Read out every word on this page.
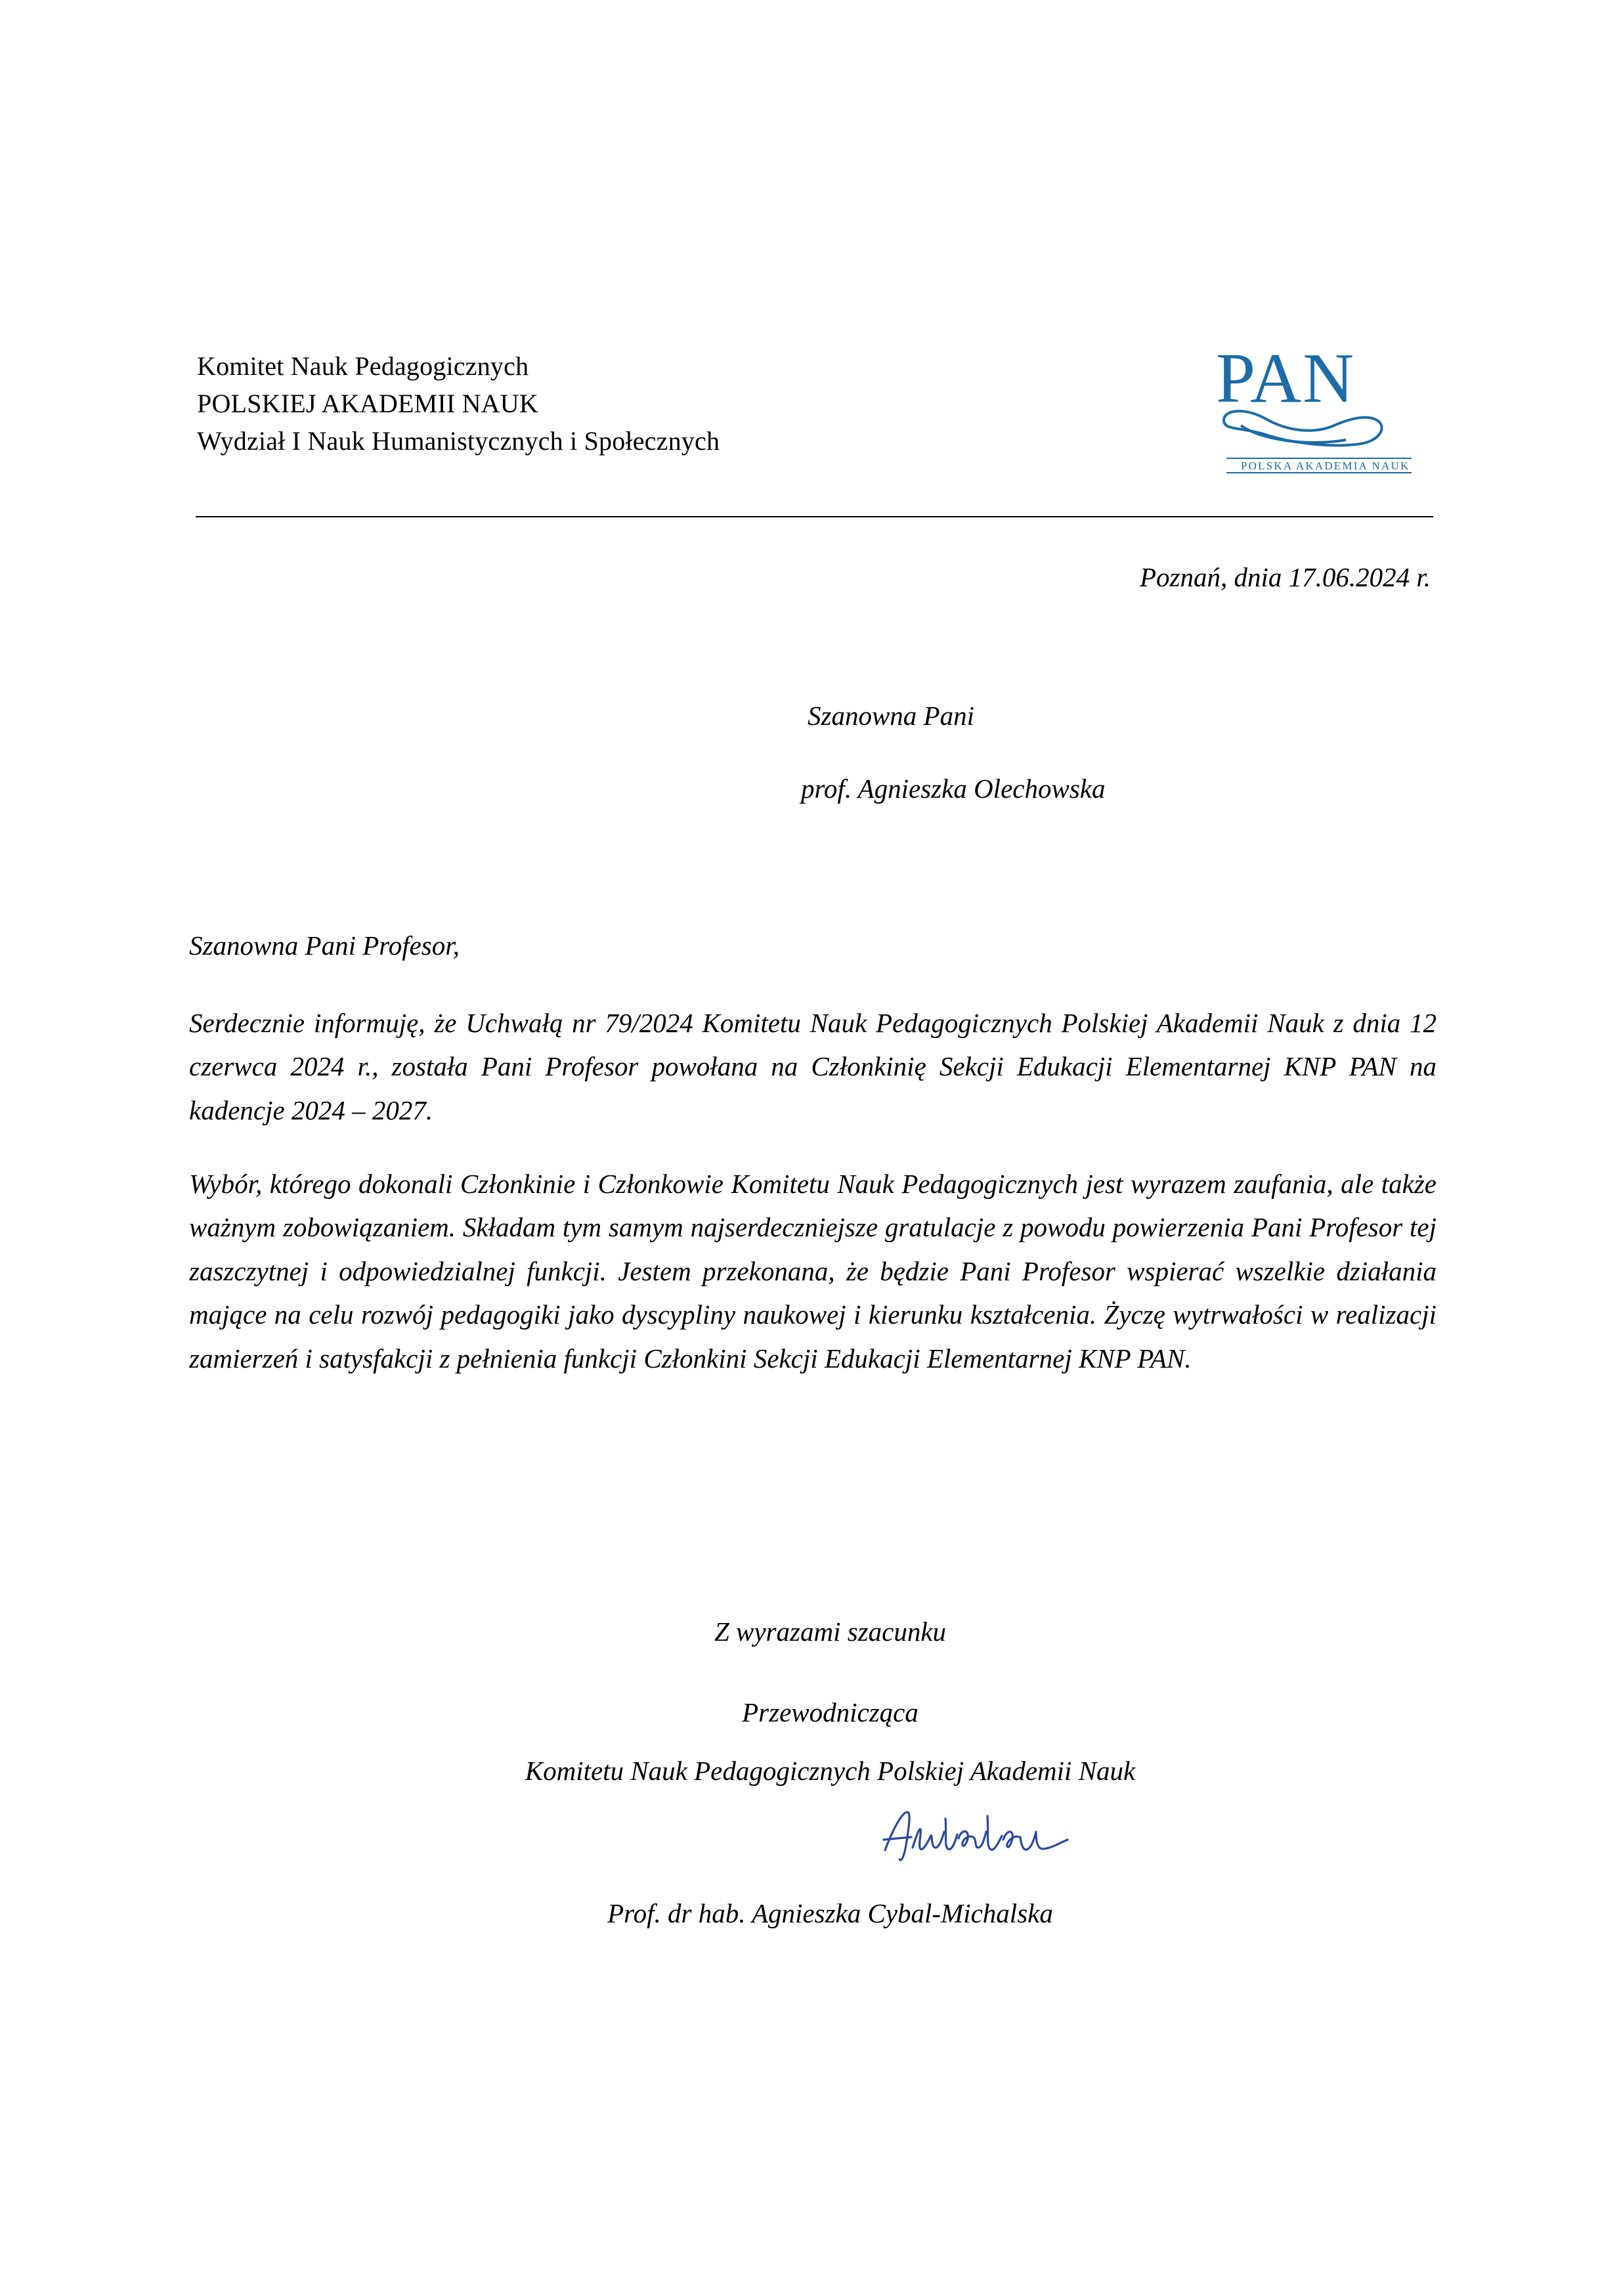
Komitet Nauk Pedagogicznych
POLSKIEJ AKADEMII NAUK
Wydział I Nauk Humanistycznych i Społecznych
PAN
POLSKA AKADEMIA NAUK
Poznań, dnia 17.06.2024 r.
Szanowna Pani
prof. Agnieszka Olechowska
Szanowna Pani Profesor,
Serdecznie informuję, że Uchwałą nr 79/2024 Komitetu Nauk Pedagogicznych Polskiej Akademii Nauk z dnia 12 czerwca 2024 r., została Pani Profesor powołana na Członkinię Sekcji Edukacji Elementarnej KNP PAN na kadencje 2024 – 2027.
Wybór, którego dokonali Członkinie i Członkowie Komitetu Nauk Pedagogicznych jest wyrazem zaufania, ale także ważnym zobowiązaniem. Składam tym samym najserdeczniejsze gratulacje z powodu powierzenia Pani Profesor tej zaszczytnej i odpowiedzialnej funkcji. Jestem przekonana, że będzie Pani Profesor wspierać wszelkie działania mające na celu rozwój pedagogiki jako dyscypliny naukowej i kierunku kształcenia. Życzę wytrwałości w realizacji zamierzeń i satysfakcji z pełnienia funkcji Członkini Sekcji Edukacji Elementarnej KNP PAN.
Z wyrazami szacunku
Przewodnicząca
Komitetu Nauk Pedagogicznych Polskiej Akademii Nauk
Prof. dr hab. Agnieszka Cybal-Michalska
